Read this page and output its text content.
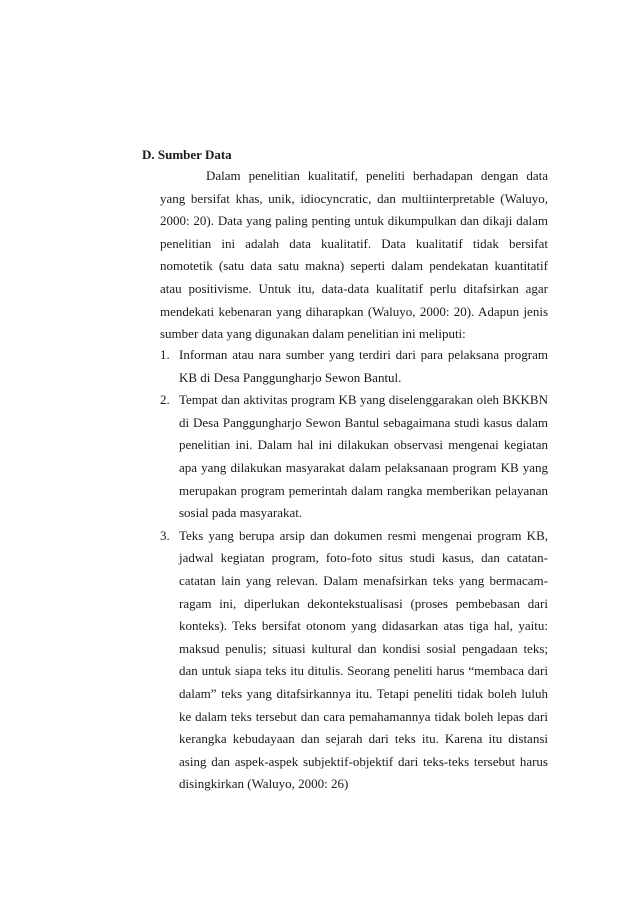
D. Sumber Data

Dalam penelitian kualitatif, peneliti berhadapan dengan data yang bersifat khas, unik, idiocyncratic, dan multiinterpretable (Waluyo, 2000: 20). Data yang paling penting untuk dikumpulkan dan dikaji dalam penelitian ini adalah data kualitatif. Data kualitatif tidak bersifat nomotetik (satu data satu makna) seperti dalam pendekatan kuantitatif atau positivisme. Untuk itu, data-data kualitatif perlu ditafsirkan agar mendekati kebenaran yang diharapkan (Waluyo, 2000: 20). Adapun jenis sumber data yang digunakan dalam penelitian ini meliputi:

1. Informan atau nara sumber yang terdiri dari para pelaksana program KB di Desa Panggungharjo Sewon Bantul.
2. Tempat dan aktivitas program KB yang diselenggarakan oleh BKKBN di Desa Panggungharjo Sewon Bantul sebagaimana studi kasus dalam penelitian ini. Dalam hal ini dilakukan observasi mengenai kegiatan apa yang dilakukan masyarakat dalam pelaksanaan program KB yang merupakan program pemerintah dalam rangka memberikan pelayanan sosial pada masyarakat.
3. Teks yang berupa arsip dan dokumen resmi mengenai program KB, jadwal kegiatan program, foto-foto situs studi kasus, dan catatan-catatan lain yang relevan. Dalam menafsirkan teks yang bermacam-ragam ini, diperlukan dekontekstualisasi (proses pembebasan dari konteks). Teks bersifat otonom yang didasarkan atas tiga hal, yaitu: maksud penulis; situasi kultural dan kondisi sosial pengadaan teks; dan untuk siapa teks itu ditulis. Seorang peneliti harus “membaca dari dalam” teks yang ditafsirkannya itu. Tetapi peneliti tidak boleh luluh ke dalam teks tersebut dan cara pemahamannya tidak boleh lepas dari kerangka kebudayaan dan sejarah dari teks itu. Karena itu distansi asing dan aspek-aspek subjektif-objektif dari teks-teks tersebut harus disingkirkan (Waluyo, 2000: 26)
